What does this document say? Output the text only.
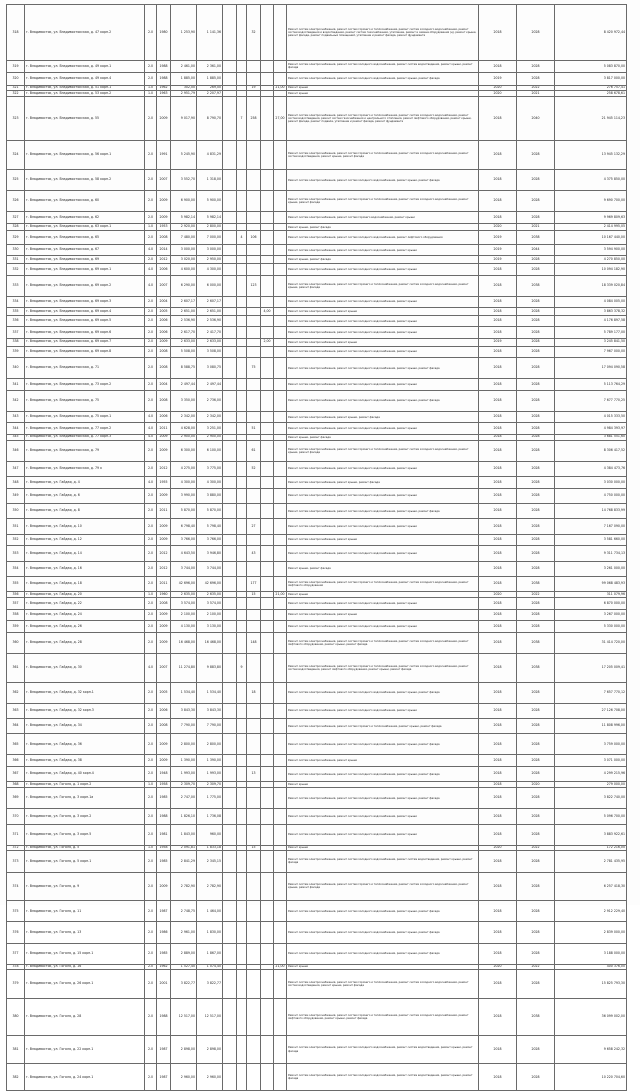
318	г. Владивосток, ул. Владивостокская, д. 47 корп.2	2.0	1980	1 253,90	1 141,36			32			Ремонт систем электроснабжения, ремонт систем горячего и теплоснабжения, ремонт систем холодного водоснабжения, ремонт систем водоотведения и водоотведения, ремонт систем газоснабжения, утепление, ремонт и замена оборудования (ц), ремонт крыши, ремонт фасада, ремонт подвальных помещений, утепление и ремонт фасада, ремонт фундамента	2018	2028	8 420 972,44
319	г. Владивосток, ул. Владивостокская, д. 49 корп.1	2.0	1988	2 461,00	2 361,00						Ремонт систем электроснабжения, ремонт систем холодного водоснабжения, ремонт систем водоотведения, ремонт крыши, ремонт фасада	2018	2028	5 083 870,00
320	г. Владивосток, ул. Владивостокская, д. 49 корп.4	2.0	1988	1 885,00	1 885,00						Ремонт систем электроснабжения, ремонт систем холодного водоснабжения, ремонт крыши, ремонт фасада	2019	2028	3 817 000,00
321	г. Владивосток, ул. Владивостокская, д. 51 корп.1	1.0	1962	302,00	269,00			19		21,00	Ремонт крыши	2020	2022	276 757,41
322	г. Владивосток, ул. Владивостокская, д. 53 корп.2	1.0	1963	2 951,79	2 207,97						Ремонт крыши	2020	2021	258 678,61
323	г. Владивосток, ул. Владивостокская, д. 55	2.0	2009	9 017,90	8 790,70		7	258		27,00	Ремонт систем электроснабжения, ремонт систем горячего и теплоснабжения, ремонт систем холодного водоснабжения, ремонт систем водоотведения, ремонт систем газоснабжения и центрального отопления, ремонт лифтового оборудования, ремонт крыши, ремонт фасада, ремонт подвала, утепление и ремонт фасада, ремонт фундамента	2018	2040	21 945 114,23
324	г. Владивосток, ул. Владивостокская, д. 56 корп.1	2.0	1991	5 245,90	4 831,29						Ремонт систем электроснабжения, ремонт систем горячего и теплоснабжения, ремонт систем холодного водоснабжения, ремонт систем водоотведения, ремонт крыши, ремонт фасада	2018	2028	13 945 132,29
325	г. Владивосток, ул. Владивостокская, д. 58 корп.2	2.0	2007	3 552,70	1 318,00						Ремонт систем электроснабжения, ремонт систем холодного водоснабжения, ремонт крыши, ремонт фасада	2018	2028	4 375 850,00
326	г. Владивосток, ул. Владивостокская, д. 60	2.0	2009	6 900,00	5 900,00						Ремонт систем электроснабжения, ремонт систем горячего и теплоснабжения, ремонт систем холодного водоснабжения, ремонт крыши, ремонт фасада	2018	2028	9 690 700,00
327	г. Владивосток, ул. Владивостокская, д. 62	2.0	2009	5 982,14	5 982,14						Ремонт систем электроснабжения, ремонт систем горячего водоснабжения, ремонт крыши	2018	2028	9 969 809,63
328	г. Владивосток, ул. Владивостокская, д. 63 корп.1	1.0	1953	2 920,00	2 800,00						Ремонт крыши, ремонт фасада	2020	2021	2 414 995,05
329	г. Владивосток, ул. Владивостокская, д. 65	2.0	2008	7 480,00	7 000,00		4	106			Ремонт систем электроснабжения, ремонт систем холодного водоснабжения, ремонт лифтового оборудования	2019	2038	10 167 440,00
330	г. Владивосток, ул. Владивостокская, д. 67	4.0	2014	3 000,00	3 000,00						Ремонт систем электроснабжения, ремонт систем холодного водоснабжения, ремонт крыши	2019	2044	3 594 900,00
331	г. Владивосток, ул. Владивостокская, д. 69	2.0	2012	3 020,00	2 950,00						Ремонт крыши, ремонт фасада	2019	2028	4 270 850,00
332	г. Владивосток, ул. Владивостокская, д. 69 корп.1	4.0	2006	4 600,00	4 300,00						Ремонт систем электроснабжения, ремонт систем холодного водоснабжения, ремонт крыши	2018	2028	10 094 182,90
333	г. Владивосток, ул. Владивостокская, д. 69 корп.2	4.0	2007	6 290,00	6 000,00			123			Ремонт систем электроснабжения, ремонт систем горячего и теплоснабжения, ремонт систем холодного водоснабжения, ремонт крыши, ремонт фасада	2018	2038	18 339 020,84
334	г. Владивосток, ул. Владивостокская, д. 69 корп.3	2.0	2004	2 607,17	2 607,17						Ремонт систем электроснабжения, ремонт систем холодного водоснабжения, ремонт крыши	2018	2028	4 084 005,00
335	г. Владивосток, ул. Владивостокская, д. 69 корп.4	2.0	2005	2 651,00	2 651,00				4,00		Ремонт систем электроснабжения, ремонт крыши	2018	2028	3 863 378,32
336	г. Владивосток, ул. Владивостокская, д. 69 корп.5	2.0	2006	2 536,90	2 536,90						Ремонт систем электроснабжения, ремонт систем холодного водоснабжения, ремонт крыши	2018	2028	4 176 897,58
337	г. Владивосток, ул. Владивостокская, д. 69 корп.6	2.0	2006	2 617,70	2 417,70						Ремонт систем электроснабжения, ремонт систем холодного водоснабжения, ремонт крыши	2018	2028	5 789 177,00
338	г. Владивосток, ул. Владивостокская, д. 69 корп.7	2.0	2009	2 633,00	2 633,00				2,00		Ремонт систем электроснабжения, ремонт крыши	2019	2028	3 245 841,50
339	г. Владивосток, ул. Владивостокская, д. 69 корп.8	2.0	2008	5 508,00	3 508,00						Ремонт систем электроснабжения, ремонт систем холодного водоснабжения, ремонт крыши	2018	2028	7 967 000,00
340	г. Владивосток, ул. Владивостокская, д. 71	2.0	2008	8 588,75	3 080,75			75			Ремонт систем электроснабжения, ремонт систем холодного водоснабжения, ремонт крыши, ремонт фасада	2018	2028	17 094 090,58
341	г. Владивосток, ул. Владивостокская, д. 73 корп.2	2.0	2004	2 497,44	2 497,44						Ремонт систем электроснабжения, ремонт систем холодного водоснабжения, ремонт крыши	2018	2028	5 113 764,29
342	г. Владивосток, ул. Владивостокская, д. 75	2.0	2008	3 350,00	2 736,00						Ремонт систем электроснабжения, ремонт систем холодного водоснабжения, ремонт крыши, ремонт фасада	2018	2028	7 677 770,25
343	г. Владивосток, ул. Владивостокская, д. 75 корп.1	4.0	2006	2 342,00	2 342,00						Ремонт систем электроснабжения, ремонт крыши, ремонт фасада	2018	2028	4 015 333,50
344	г. Владивосток, ул. Владивостокская, д. 77 корп.2	4.0	2011	4 628,00	3 251,00			51			Ремонт систем электроснабжения, ремонт систем холодного водоснабжения, ремонт крыши	2018	2028	4 984 393,97
345	г. Владивосток, ул. Владивостокская, д. 77 корп.3	4.0	2009	2 900,00	2 900,00						Ремонт крыши, ремонт фасада	2018	2028	3 681 551,60
346	г. Владивосток, ул. Владивостокская, д. 79	2.0	2009	6 300,00	6 100,00			61			Ремонт систем электроснабжения, ремонт систем горячего и теплоснабжения, ремонт систем холодного водоснабжения, ремонт крыши, ремонт фасада	2018	2028	8 306 417,52
347	г. Владивосток, ул. Владивостокская, д. 79 к	2.0	2012	4 275,00	3 775,00			52			Ремонт систем электроснабжения, ремонт систем холодного водоснабжения, ремонт крыши	2018	2028	4 384 473,76
348	г. Владивосток, ул. Гайдая, д. 4	4.0	1955	4 300,00	4 300,00						Ремонт систем электроснабжения, ремонт крыши, ремонт фасада	2018	2028	3 030 000,00
349	г. Владивосток, ул. Гайдая, д. 6	2.0	2009	3 990,00	3 880,00						Ремонт систем электроснабжения, ремонт систем холодного водоснабжения, ремонт крыши	2018	2028	4 750 000,00
350	г. Владивосток, ул. Гайдая, д. 8	2.0	2011	5 870,00	5 870,00						Ремонт систем электроснабжения, ремонт систем холодного водоснабжения, ремонт крыши, ремонт фасада	2018	2028	14 768 833,99
351	г. Владивосток, ул. Гайдая, д. 10	2.0	2009	6 798,40	5 798,40			27			Ремонт систем электроснабжения, ремонт систем холодного водоснабжения, ремонт крыши	2018	2028	7 167 090,00
352	г. Владивосток, ул. Гайдая, д. 12	2.0	2009	3 766,00	3 766,00						Ремонт систем электроснабжения, ремонт крыши	2018	2028	3 581 660,00
353	г. Владивосток, ул. Гайдая, д. 14	2.0	2012	4 643,50	3 946,80			43			Ремонт систем электроснабжения, ремонт систем холодного водоснабжения, ремонт крыши	2018	2028	9 311 734,13
354	г. Владивосток, ул. Гайдая, д. 16	2.0	2012	3 744,00	3 744,00						Ремонт крыши, ремонт фасада	2018	2028	3 261 000,00
355	г. Владивосток, ул. Гайдая, д. 18	2.0	2011	42 696,00	42 696,00			177			Ремонт систем электроснабжения, ремонт систем горячего и теплоснабжения, ремонт систем холодного водоснабжения, ремонт лифтового оборудования	2018	2038	99 068 483,93
356	г. Владивосток, ул. Гайдая, д. 20	1.0	1960	2 635,00	2 635,00			15		21,00	Ремонт крыши	2020	2022	311 079,96
357	г. Владивосток, ул. Гайдая, д. 22	2.0	2008	3 574,00	3 574,00						Ремонт систем электроснабжения, ремонт систем холодного водоснабжения, ремонт крыши	2018	2028	6 870 000,00
358	г. Владивосток, ул. Гайдая, д. 24	2.0	2009	2 100,00	2 100,00						Ремонт систем электроснабжения, ремонт крыши	2018	2028	3 267 000,00
359	г. Владивосток, ул. Гайдая, д. 26	2.0	2009	4 130,00	3 130,00						Ремонт систем электроснабжения, ремонт систем холодного водоснабжения, ремонт крыши	2018	2028	5 330 000,00
360	г. Владивосток, ул. Гайдая, д. 28	2.0	2009	16 468,00	16 468,00			148			Ремонт систем электроснабжения, ремонт систем горячего и теплоснабжения, ремонт систем холодного водоснабжения, ремонт лифтового оборудования, ремонт крыши, ремонт фасада	2018	2038	31 414 720,00
361	г. Владивосток, ул. Гайдая, д. 30	4.0	2007	11 274,80	9 883,80		9				Ремонт систем электроснабжения, ремонт систем горячего и теплоснабжения, ремонт систем холодного водоснабжения, ремонт систем водоотведения, ремонт лифтового оборудования, ремонт крыши, ремонт фасада	2018	2038	17 205 009,41
362	г. Владивосток, ул. Гайдая, д. 32 корп.1	2.0	2005	1 534,40	1 534,40			18			Ремонт систем электроснабжения, ремонт систем холодного водоснабжения, ремонт крыши, ремонт фасада	2018	2028	7 657 770,12
363	г. Владивосток, ул. Гайдая, д. 32 корп.3	2.0	2006	3 843,30	3 843,30						Ремонт систем электроснабжения, ремонт систем холодного водоснабжения, ремонт крыши	2018	2028	27 126 708,00
364	г. Владивосток, ул. Гайдая, д. 34	2.0	2008	7 790,00	7 790,00						Ремонт систем электроснабжения, ремонт систем горячего и теплоснабжения, ремонт крыши, ремонт фасада	2018	2028	11 808 996,00
365	г. Владивосток, ул. Гайдая, д. 36	2.0	2009	2 800,00	2 800,00						Ремонт систем электроснабжения, ремонт систем холодного водоснабжения, ремонт крыши, ремонт фасада	2018	2028	3 759 000,00
366	г. Владивосток, ул. Гайдая, д. 38	2.0	2009	1 390,00	1 390,00						Ремонт систем электроснабжения, ремонт крыши	2018	2028	3 071 000,00
367	г. Владивосток, ул. Гайдая, д. 40 корп.4	2.0	1948	1 993,00	1 993,00			13			Ремонт систем электроснабжения, ремонт систем холодного водоснабжения, ремонт крыши, ремонт фасада	2018	2028	4 299 215,96
368	г. Владивосток, ул. Гоголя, д. 1 корп.2	1.0	1958	2 309,70	2 309,70						Ремонт крыши	2018	2020	279 000,00
369	г. Владивосток, ул. Гоголя, д. 3 корп.1а	2.0	1985	2 747,00	1 775,00						Ремонт систем электроснабжения, ремонт систем холодного водоснабжения, ремонт крыши, ремонт фасада	2018	2028	3 822 740,00
370	г. Владивосток, ул. Гоголя, д. 3 корп.2	2.0	1988	1 826,10	1 736,08						Ремонт систем электроснабжения, ремонт систем холодного водоснабжения, ремонт крыши	2018	2028	5 096 700,00
371	г. Владивосток, ул. Гоголя, д. 3 корп.5	2.0	1981	1 843,00	960,00						Ремонт систем электроснабжения, ремонт систем холодного водоснабжения, ремонт крыши	2018	2028	3 883 922,61
372	г. Владивосток, ул. Гоголя, д. 5	1.0	1958	2 091,81	1 833,18			15			Ремонт крыши	2020	2022	172 216,00
373	г. Владивосток, ул. Гоголя, д. 5 корп.1	2.0	1985	2 841,29	2 345,15						Ремонт систем электроснабжения, ремонт систем холодного водоснабжения, ремонт систем водоотведения, ремонт крыши, ремонт фасада	2018	2028	2 781 435,95
374	г. Владивосток, ул. Гоголя, д. 9	2.0	2009	2 782,90	2 782,90						Ремонт систем электроснабжения, ремонт систем горячего и теплоснабжения, ремонт систем холодного водоснабжения, ремонт крыши, ремонт фасада	2018	2028	6 257 418,30
375	г. Владивосток, ул. Гоголя, д. 11	2.0	1987	2 748,75	1 464,00						Ремонт систем электроснабжения, ремонт систем холодного водоснабжения, ремонт крыши, ремонт фасада	2018	2028	2 912 229,40
376	г. Владивосток, ул. Гоголя, д. 13	2.0	1986	2 961,00	1 830,00						Ремонт систем электроснабжения, ремонт систем холодного водоснабжения, ремонт крыши, ремонт фасада	2018	2028	2 839 000,00
377	г. Владивосток, ул. Гоголя, д. 15 корп.1	2.0	1985	2 889,00	1 867,00						Ремонт систем электроснабжения, ремонт систем холодного водоснабжения, ремонт крыши, ремонт фасада	2018	2028	3 188 000,00
378	г. Владивосток, ул. Гоголя, д. 16	2.0	1962	1 527,40	1 074,40					21,00	Ремонт крыши	2020	2022	400 376,00
379	г. Владивосток, ул. Гоголя, д. 26 корп.1	2.0	2001	3 822,77	3 822,77						Ремонт систем электроснабжения, ремонт систем горячего и теплоснабжения, ремонт систем холодного водоснабжения, ремонт систем водоотведения, ремонт крыши, ремонт фасада	2018	2028	15 825 793,30
380	г. Владивосток, ул. Гоголя, д. 28	2.0	1988	12 517,00	12 517,00						Ремонт систем электроснабжения, ремонт систем горячего и теплоснабжения, ремонт систем холодного водоснабжения, ремонт лифтового оборудования, ремонт крыши, ремонт фасада	2018	2038	36 099 002,00
381	г. Владивосток, ул. Гоголя, д. 22 корп.1	2.0	1987	2 898,00	2 898,00						Ремонт систем электроснабжения, ремонт систем холодного водоснабжения, ремонт систем водоотведения, ремонт крыши, ремонт фасада	2018	2028	9 658 242,32
382	г. Владивосток, ул. Гоголя, д. 24 корп.1	2.0	1987	2 960,00	2 960,00						Ремонт систем электроснабжения, ремонт систем холодного водоснабжения, ремонт систем водоотведения, ремонт крыши, ремонт фасада	2018	2028	10 220 704,60
